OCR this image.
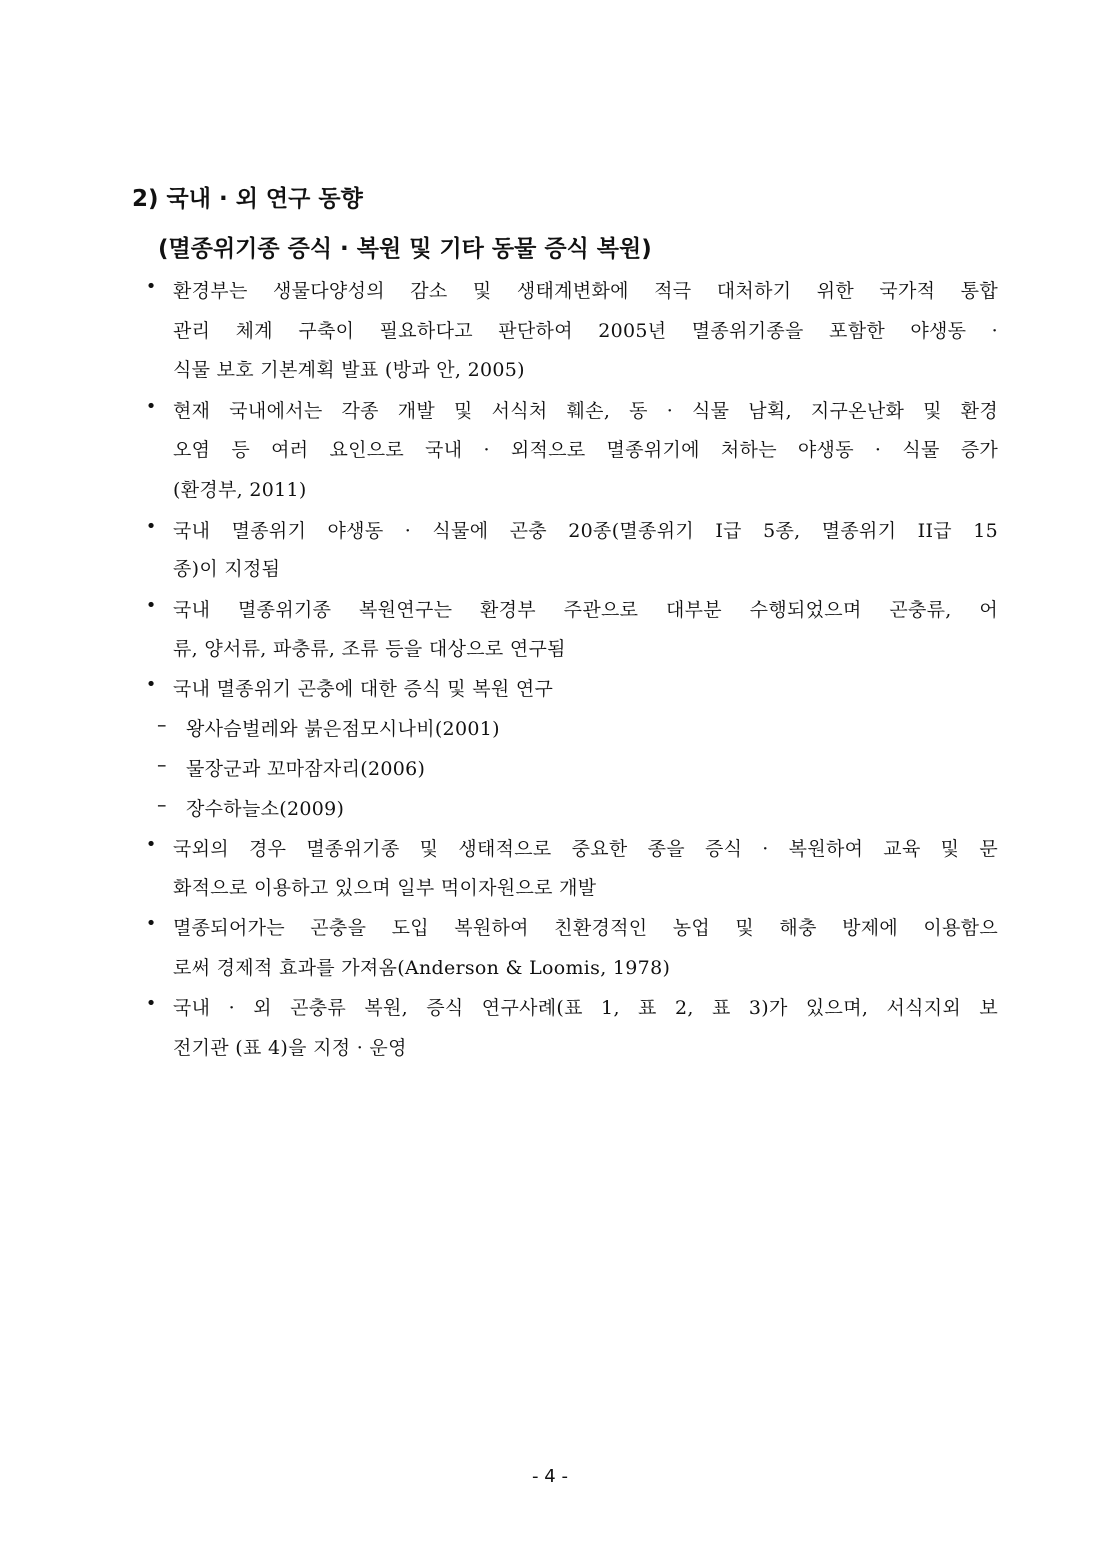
2) 국내 · 외 연구 동향
(멸종위기종 증식 · 복원 및 기타 동물 증식 복원)
• 환경부는 생물다양성의 감소 및 생태계변화에 적극 대처하기 위한 국가적 통합
관리 체계 구축이 필요하다고 판단하여 2005년 멸종위기종을 포함한 야생동 ·
식물 보호 기본계획 발표 (방과 안, 2005)
• 현재 국내에서는 각종 개발 및 서식처 훼손, 동 · 식물 남획, 지구온난화 및 환경
오염 등 여러 요인으로 국내 · 외적으로 멸종위기에 처하는 야생동 · 식물 증가
(환경부, 2011)
• 국내 멸종위기 야생동 · 식물에 곤충 20종(멸종위기 I급 5종, 멸종위기 II급 15
종)이 지정됨
• 국내 멸종위기종 복원연구는 환경부 주관으로 대부분 수행되었으며 곤충류, 어
류, 양서류, 파충류, 조류 등을 대상으로 연구됨
• 국내 멸종위기 곤충에 대한 증식 및 복원 연구
– 왕사슴벌레와 붉은점모시나비(2001)
– 물장군과 꼬마잠자리(2006)
– 장수하늘소(2009)
• 국외의 경우 멸종위기종 및 생태적으로 중요한 종을 증식 · 복원하여 교육 및 문
화적으로 이용하고 있으며 일부 먹이자원으로 개발
• 멸종되어가는 곤충을 도입 복원하여 친환경적인 농업 및 해충 방제에 이용함으
로써 경제적 효과를 가져옴(Anderson & Loomis, 1978)
• 국내 · 외 곤충류 복원, 증식 연구사례(표 1, 표 2, 표 3)가 있으며, 서식지외 보
전기관 (표 4)을 지정 · 운영
- 4 -
